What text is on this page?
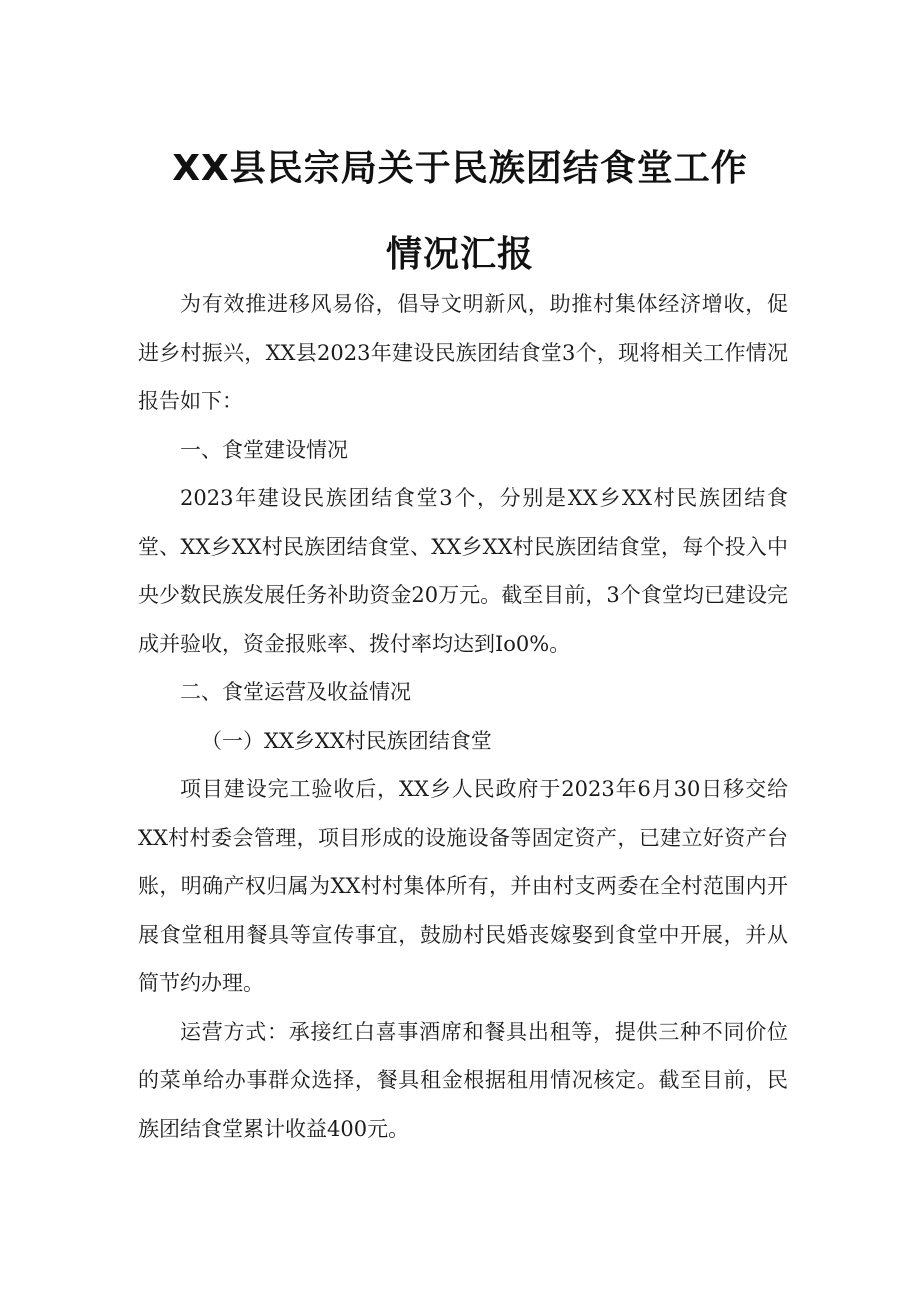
XX县民宗局关于民族团结食堂工作
情况汇报

为有效推进移风易俗，倡导文明新风，助推村集体经济增收，促进乡村振兴，XX县2023年建设民族团结食堂3个，现将相关工作情况报告如下：

一、食堂建设情况

2023年建设民族团结食堂3个，分别是XX乡XX村民族团结食堂、XX乡XX村民族团结食堂、XX乡XX村民族团结食堂，每个投入中央少数民族发展任务补助资金20万元。截至目前，3个食堂均已建设完成并验收，资金报账率、拨付率均达到Io0%。

二、食堂运营及收益情况

（一）XX乡XX村民族团结食堂

项目建设完工验收后，XX乡人民政府于2023年6月30日移交给XX村村委会管理，项目形成的设施设备等固定资产，已建立好资产台账，明确产权归属为XX村村集体所有，并由村支两委在全村范围内开展食堂租用餐具等宣传事宜，鼓励村民婚丧嫁娶到食堂中开展，并从简节约办理。

运营方式：承接红白喜事酒席和餐具出租等，提供三种不同价位的菜单给办事群众选择，餐具租金根据租用情况核定。截至目前，民族团结食堂累计收益400元。
